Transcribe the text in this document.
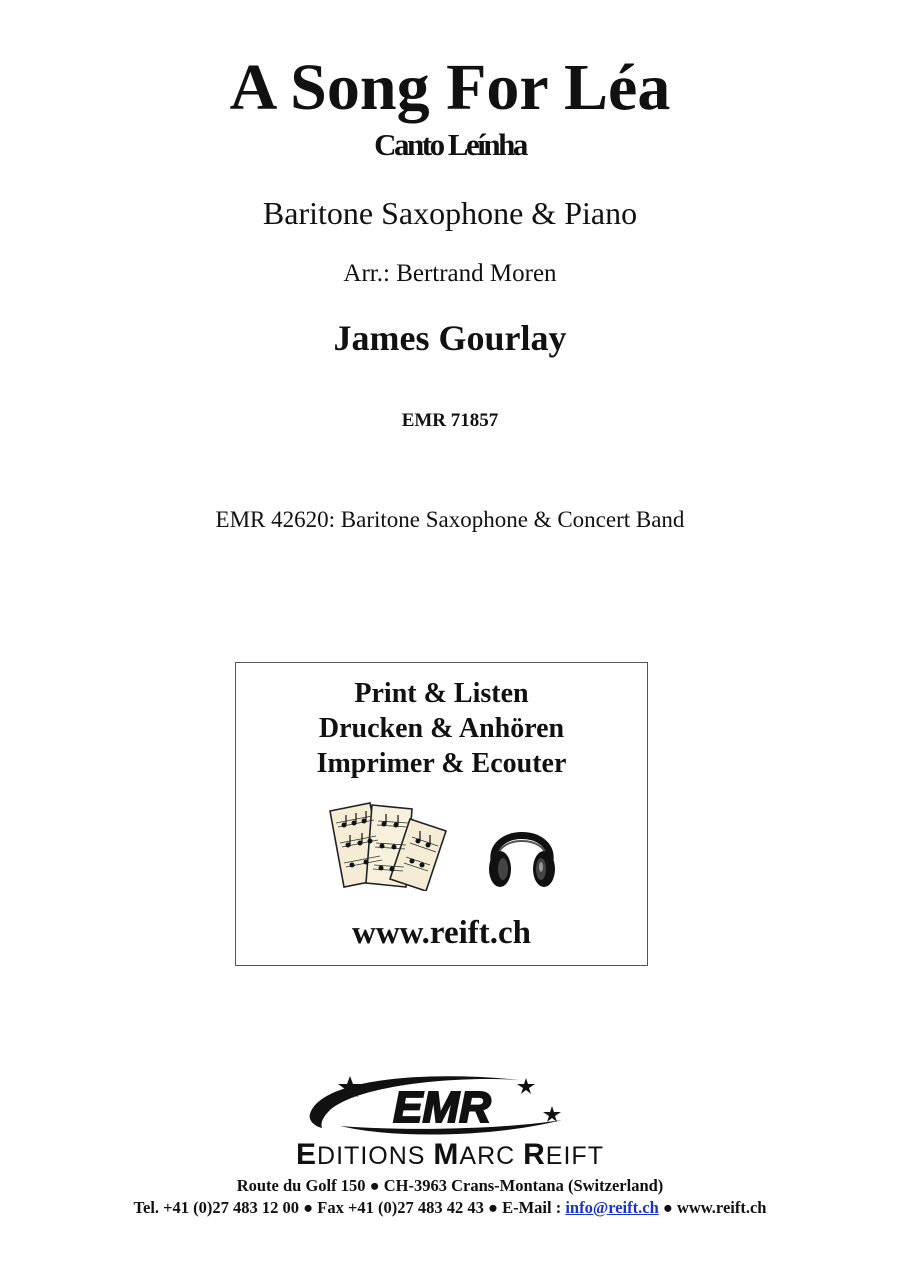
A Song For Léa
Canto Leínha
Baritone Saxophone & Piano
Arr.: Bertrand Moren
James Gourlay
EMR 71857
EMR 42620: Baritone Saxophone & Concert Band
Print & Listen
Drucken & Anhören
Imprimer & Ecouter
www.reift.ch
EMR
EDITIONS MARC REIFT
Route du Golf 150 ● CH-3963 Crans-Montana (Switzerland)
Tel. +41 (0)27 483 12 00 ● Fax +41 (0)27 483 42 43 ● E-Mail : info@reift.ch ● www.reift.ch
